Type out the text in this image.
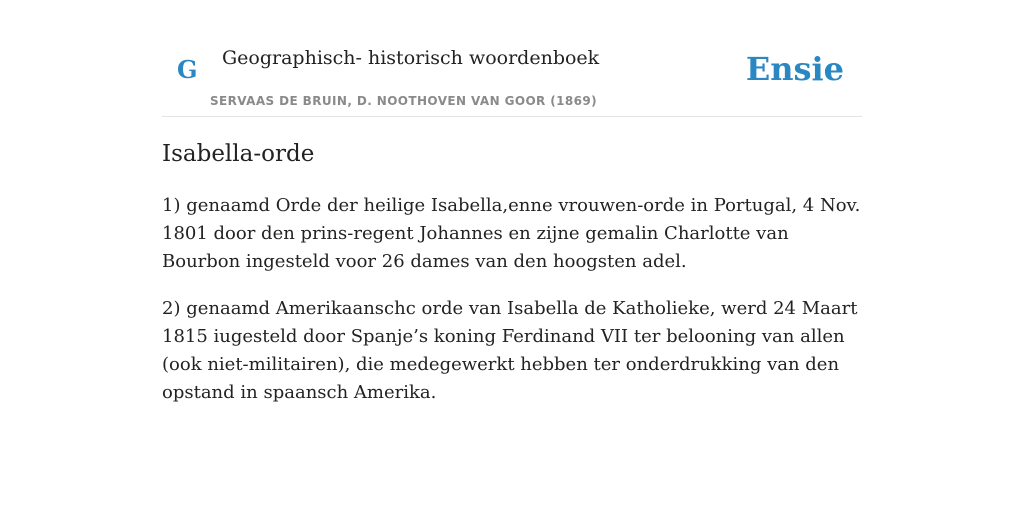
G Geographisch- historisch woordenboek
SERVAAS DE BRUIN, D. NOOTHOVEN VAN GOOR (1869)
Ensie
Isabella-orde

1) genaamd Orde der heilige Isabella,enne vrouwen-orde in Portugal, 4 Nov. 1801 door den prins-regent Johannes en zijne gemalin Charlotte van Bourbon ingesteld voor 26 dames van den hoogsten adel.

2) genaamd Amerikaanschc orde van Isabella de Katholieke, werd 24 Maart 1815 iugesteld door Spanje’s koning Ferdinand VII ter belooning van allen (ook niet-militairen), die medegewerkt hebben ter onderdrukking van den opstand in spaansch Amerika.
